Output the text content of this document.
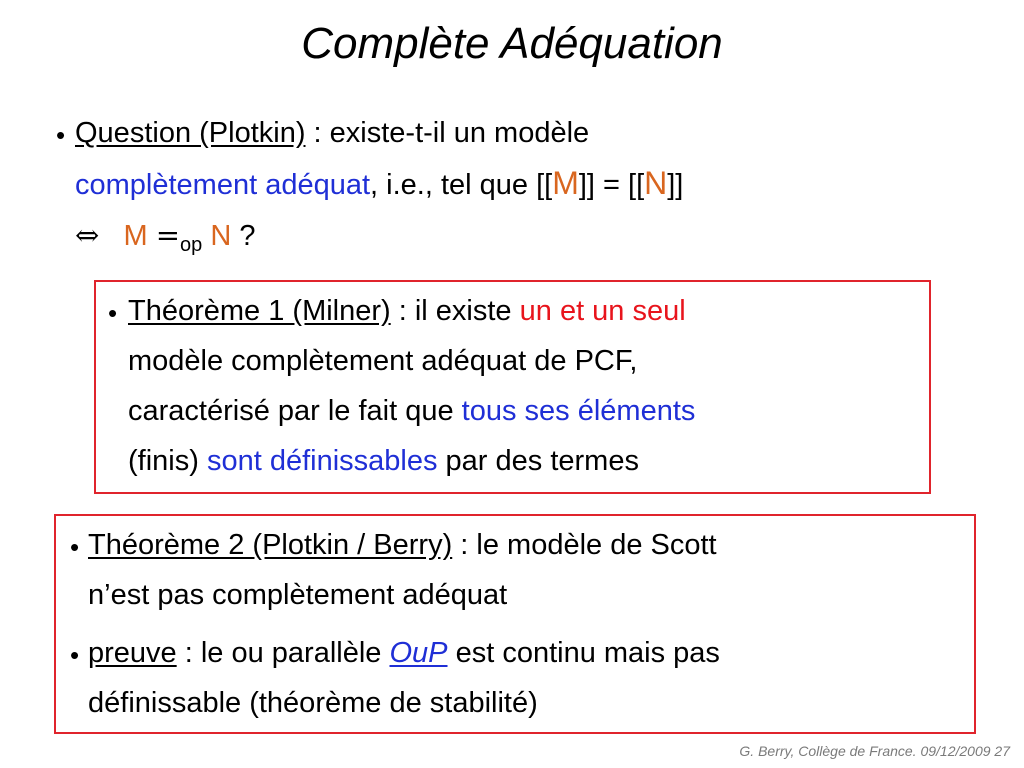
Complète Adéquation
• Question (Plotkin) : existe-t-il un modèle
complètement adéquat, i.e., tel que [[M]] = [[N]]
⇔ $M =_{op}$ N ?
• Théorème 1 (Milner) : il existe un et un seul
modèle complètement adéquat de PCF,
caractérisé par le fait que tous ses éléments
(finis) sont définissables par des termes
• Théorème 2 (Plotkin / Berry) : le modèle de Scott
n’est pas complètement adéquat
• preuve : le ou parallèle OuP est continu mais pas
définissable (théorème de stabilité)
G. Berry, Collège de France. 09/12/2009 27
